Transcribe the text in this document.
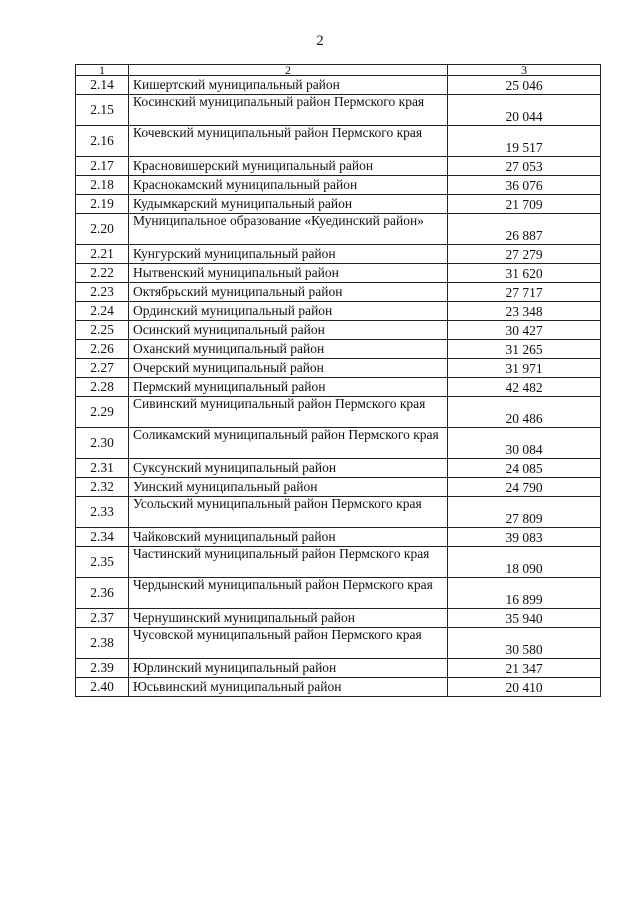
2
1	2	3
2.14	Кишертский муниципальный район	25 046
2.15	Косинский муниципальный район Пермского края	20 044
2.16	Кочевский муниципальный район Пермского края	19 517
2.17	Красновишерский муниципальный район	27 053
2.18	Краснокамский муниципальный район	36 076
2.19	Кудымкарский муниципальный район	21 709
2.20	Муниципальное образование «Куединский район»	26 887
2.21	Кунгурский муниципальный район	27 279
2.22	Нытвенский муниципальный район	31 620
2.23	Октябрьский муниципальный район	27 717
2.24	Ординский муниципальный район	23 348
2.25	Осинский муниципальный район	30 427
2.26	Оханский муниципальный район	31 265
2.27	Очерский муниципальный район	31 971
2.28	Пермский муниципальный район	42 482
2.29	Сивинский муниципальный район Пермского края	20 486
2.30	Соликамский муниципальный район Пермского края	30 084
2.31	Суксунский муниципальный район	24 085
2.32	Уинский муниципальный район	24 790
2.33	Усольский муниципальный район Пермского края	27 809
2.34	Чайковский муниципальный район	39 083
2.35	Частинский муниципальный район Пермского края	18 090
2.36	Чердынский муниципальный район Пермского края	16 899
2.37	Чернушинский муниципальный район	35 940
2.38	Чусовской муниципальный район Пермского края	30 580
2.39	Юрлинский муниципальный район	21 347
2.40	Юсьвинский муниципальный район	20 410
